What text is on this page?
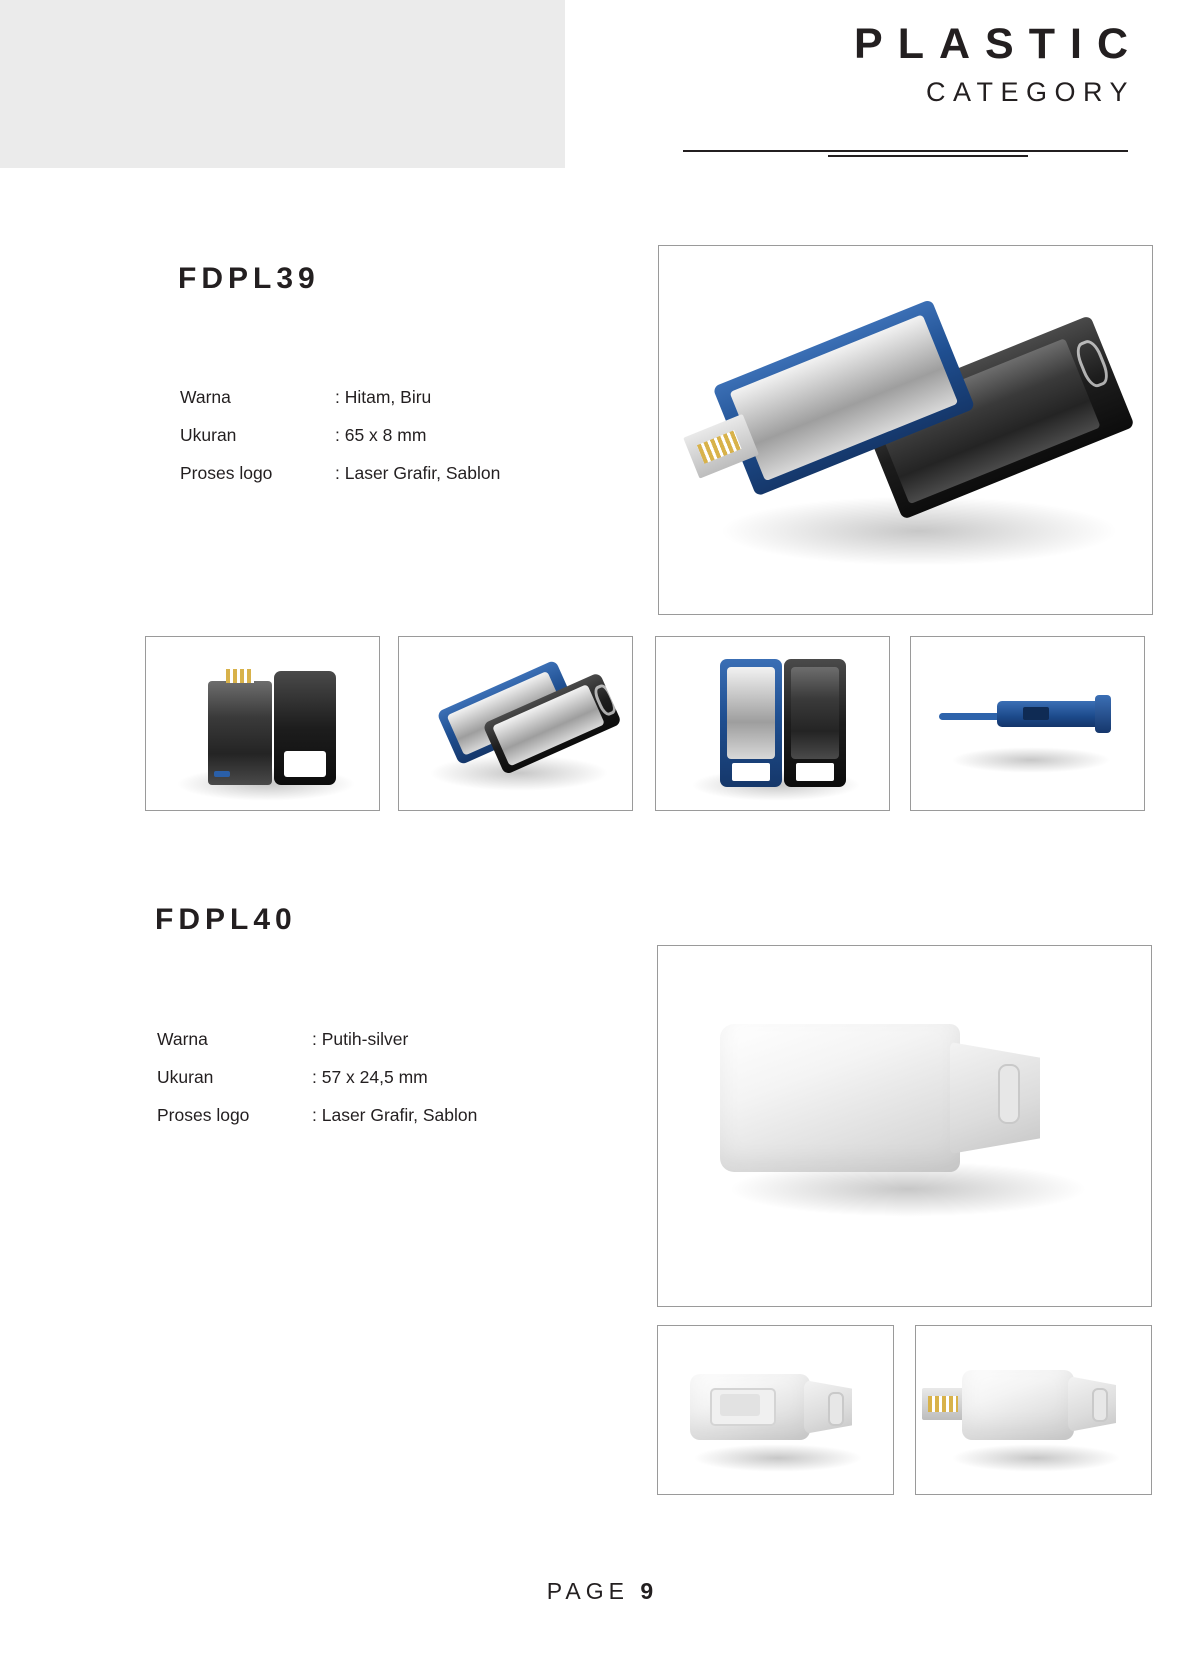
PLASTIC
CATEGORY
FDPL39
Warna	: Hitam, Biru
Ukuran	: 65 x 8 mm
Proses logo	: Laser Grafir, Sablon
FDPL40
Warna	: Putih-silver
Ukuran	: 57 x 24,5 mm
Proses logo	: Laser Grafir, Sablon
PAGE 9
